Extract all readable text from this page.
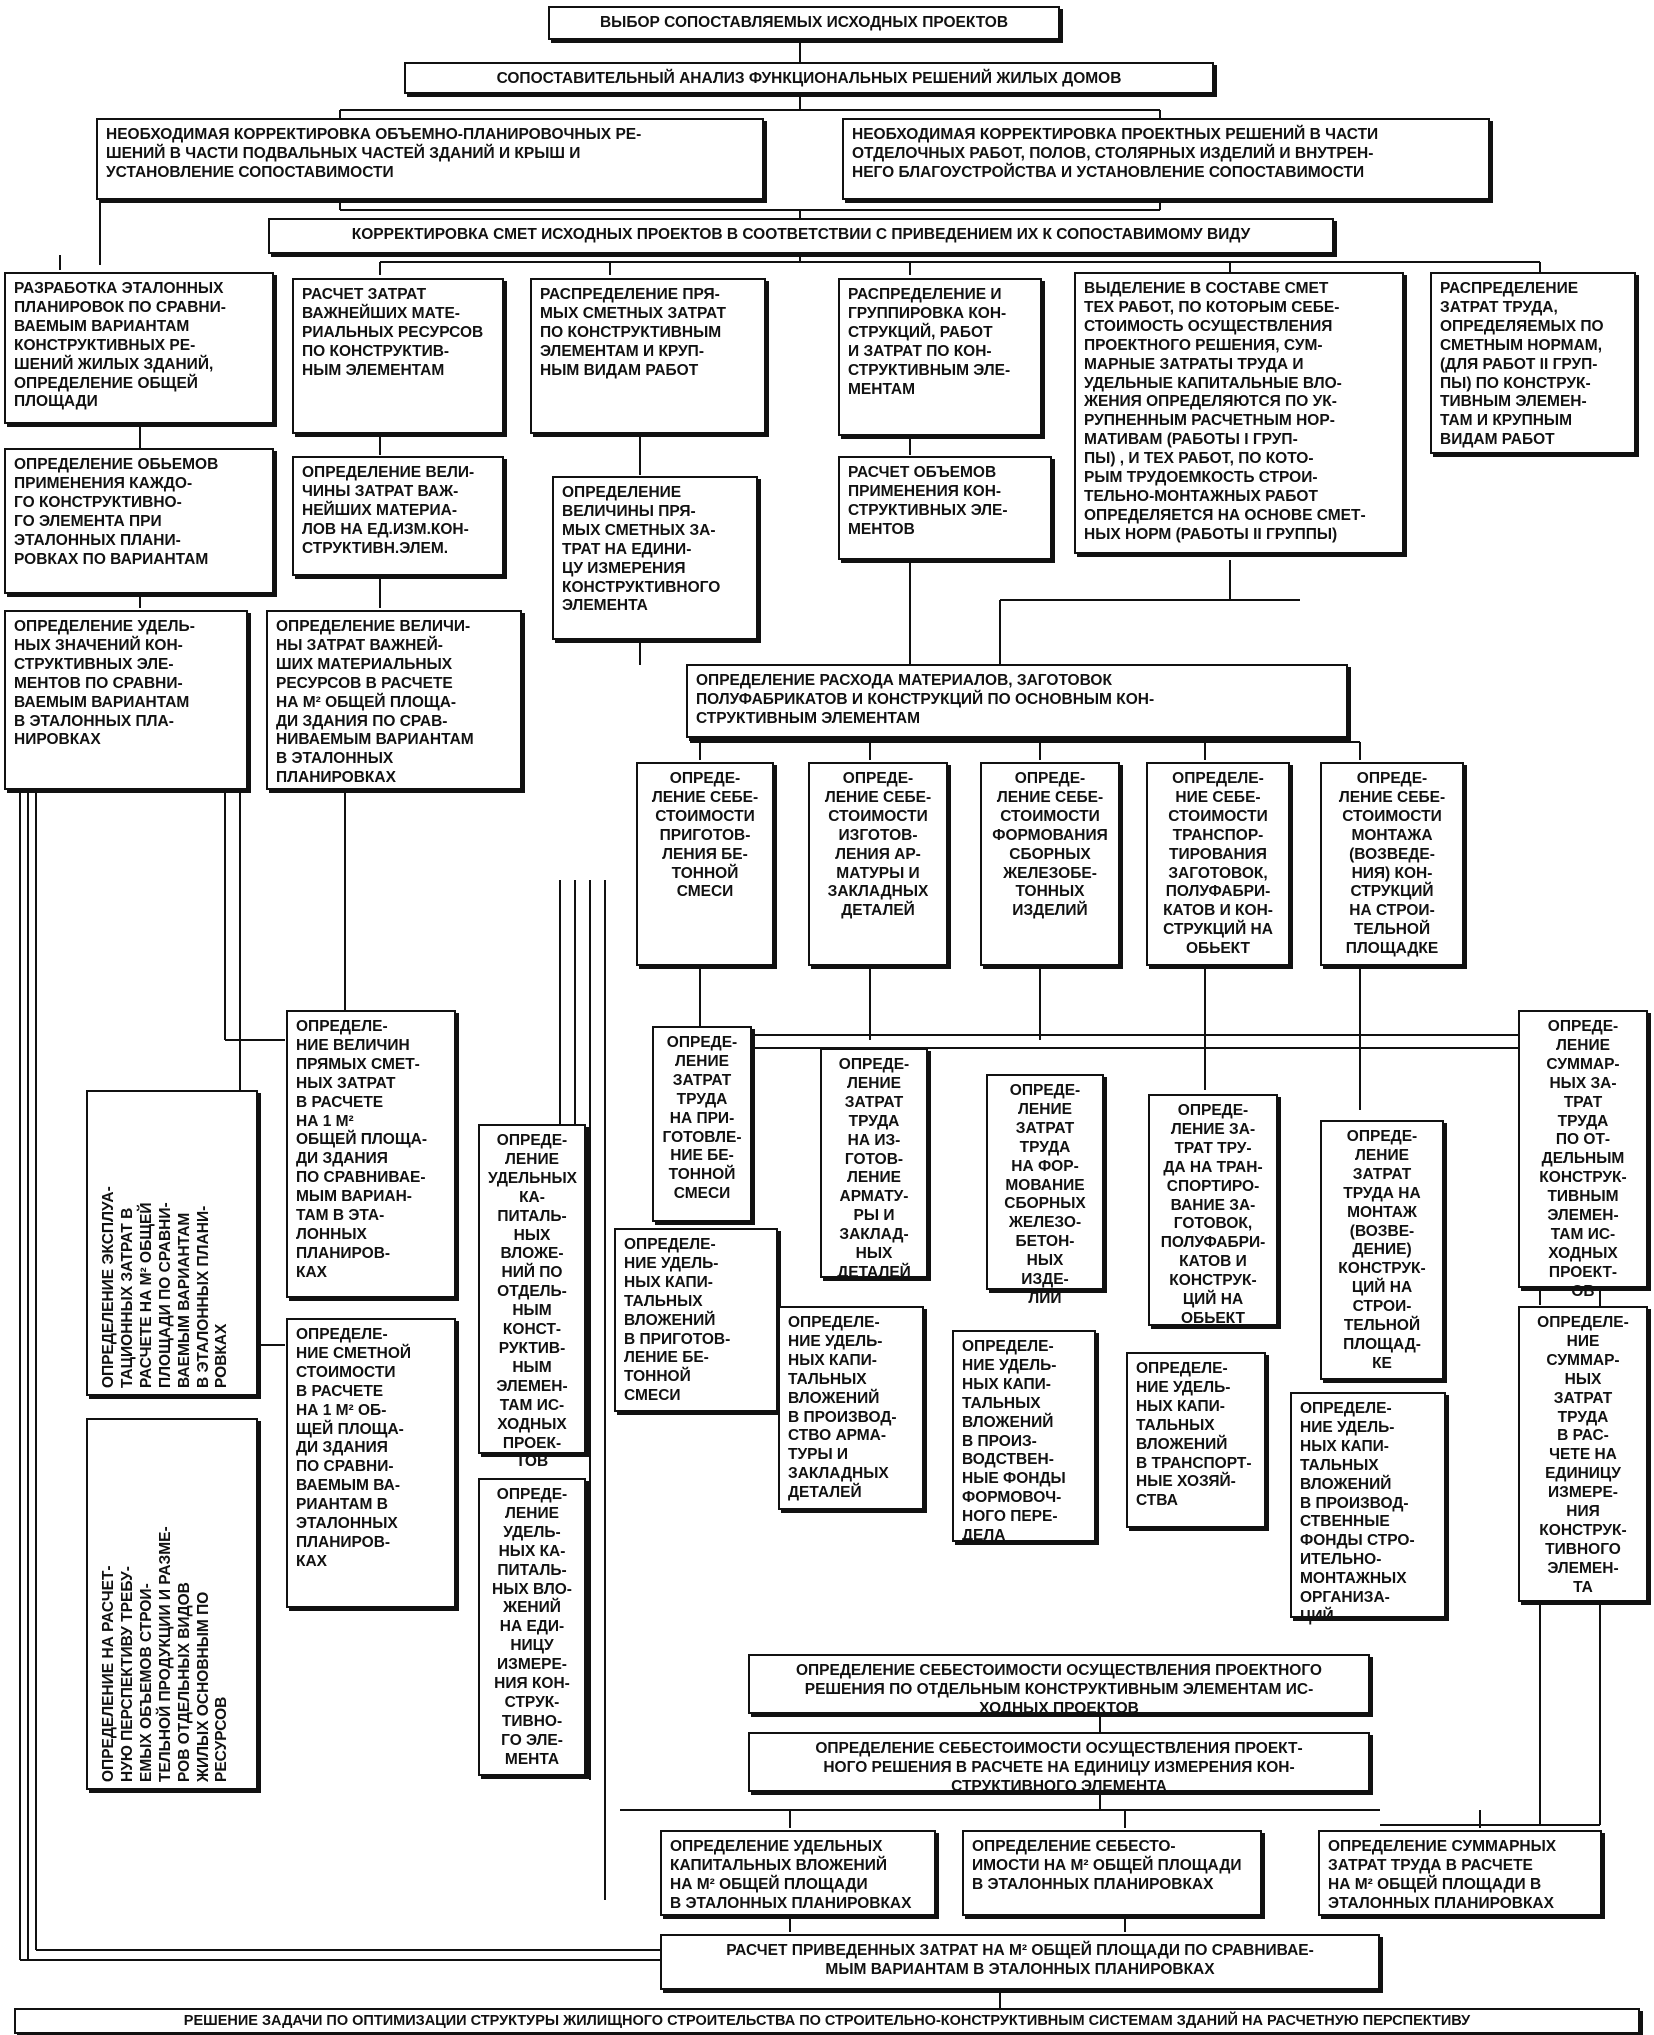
ВЫБОР СОПОСТАВЛЯЕМЫХ ИСХОДНЫХ ПРОЕКТОВ
СОПОСТАВИТЕЛЬНЫЙ АНАЛИЗ ФУНКЦИОНАЛЬНЫХ РЕШЕНИЙ ЖИЛЫХ ДОМОВ
НЕОБХОДИМАЯ КОРРЕКТИРОВКА ОБЪЕМНО-ПЛАНИРОВОЧНЫХ РЕ-
ШЕНИЙ В ЧАСТИ ПОДВАЛЬНЫХ ЧАСТЕЙ ЗДАНИЙ И КРЫШ И
УСТАНОВЛЕНИЕ СОПОСТАВИМОСТИ
НЕОБХОДИМАЯ КОРРЕКТИРОВКА ПРОЕКТНЫХ РЕШЕНИЙ В ЧАСТИ
ОТДЕЛОЧНЫХ РАБОТ, ПОЛОВ, СТОЛЯРНЫХ ИЗДЕЛИЙ И ВНУТРЕН-
НЕГО БЛАГОУСТРОЙСТВА И УСТАНОВЛЕНИЕ СОПОСТАВИМОСТИ
КОРРЕКТИРОВКА СМЕТ ИСХОДНЫХ ПРОЕКТОВ В СООТВЕТСТВИИ С ПРИВЕДЕНИЕМ ИХ К СОПОСТАВИМОМУ ВИДУ
РАЗРАБОТКА ЭТАЛОННЫХ
ПЛАНИРОВОК ПО СРАВНИ-
ВАЕМЫМ ВАРИАНТАМ
КОНСТРУКТИВНЫХ РЕ-
ШЕНИЙ ЖИЛЫХ ЗДАНИЙ,
ОПРЕДЕЛЕНИЕ ОБЩЕЙ
ПЛОЩАДИ
РАСЧЕТ ЗАТРАТ
ВАЖНЕЙШИХ МАТЕ-
РИАЛЬНЫХ РЕСУРСОВ
ПО КОНСТРУКТИВ-
НЫМ ЭЛЕМЕНТАМ
РАСПРЕДЕЛЕНИЕ ПРЯ-
МЫХ СМЕТНЫХ ЗАТРАТ
ПО КОНСТРУКТИВНЫМ
ЭЛЕМЕНТАМ И КРУП-
НЫМ ВИДАМ РАБОТ
РАСПРЕДЕЛЕНИЕ И
ГРУППИРОВКА КОН-
СТРУКЦИЙ, РАБОТ
И ЗАТРАТ ПО КОН-
СТРУКТИВНЫМ ЭЛЕ-
МЕНТАМ
ВЫДЕЛЕНИЕ В СОСТАВЕ СМЕТ
ТЕХ РАБОТ, ПО КОТОРЫМ СЕБЕ-
СТОИМОСТЬ ОСУЩЕСТВЛЕНИЯ
ПРОЕКТНОГО РЕШЕНИЯ, СУМ-
МАРНЫЕ ЗАТРАТЫ ТРУДА И
УДЕЛЬНЫЕ КАПИТАЛЬНЫЕ ВЛО-
ЖЕНИЯ ОПРЕДЕЛЯЮТСЯ ПО УК-
РУПНЕННЫМ РАСЧЕТНЫМ НОР-
МАТИВАМ (РАБОТЫ I ГРУП-
ПЫ) , И ТЕХ РАБОТ, ПО КОТО-
РЫМ ТРУДОЕМКОСТЬ СТРОИ-
ТЕЛЬНО-МОНТАЖНЫХ РАБОТ
ОПРЕДЕЛЯЕТСЯ НА ОСНОВЕ СМЕТ-
НЫХ НОРМ (РАБОТЫ II ГРУППЫ)
РАСПРЕДЕЛЕНИЕ
ЗАТРАТ ТРУДА,
ОПРЕДЕЛЯЕМЫХ ПО
СМЕТНЫМ НОРМАМ,
(ДЛЯ РАБОТ II ГРУП-
ПЫ) ПО КОНСТРУК-
ТИВНЫМ ЭЛЕМЕН-
ТАМ И КРУПНЫМ
ВИДАМ РАБОТ
ОПРЕДЕЛЕНИЕ ОБЬЕМОВ
ПРИМЕНЕНИЯ КАЖДО-
ГО КОНСТРУКТИВНО-
ГО ЭЛЕМЕНТА ПРИ
ЭТАЛОННЫХ ПЛАНИ-
РОВКАХ ПО ВАРИАНТАМ
ОПРЕДЕЛЕНИЕ ВЕЛИ-
ЧИНЫ ЗАТРАТ ВАЖ-
НЕЙШИХ МАТЕРИА-
ЛОВ НА ЕД.ИЗМ.КОН-
СТРУКТИВН.ЭЛЕМ.
ОПРЕДЕЛЕНИЕ
ВЕЛИЧИНЫ ПРЯ-
МЫХ СМЕТНЫХ ЗА-
ТРАТ НА ЕДИНИ-
ЦУ ИЗМЕРЕНИЯ
КОНСТРУКТИВНОГО
ЭЛЕМЕНТА
РАСЧЕТ ОБЪЕМОВ
ПРИМЕНЕНИЯ КОН-
СТРУКТИВНЫХ ЭЛЕ-
МЕНТОВ
ОПРЕДЕЛЕНИЕ УДЕЛЬ-
НЫХ ЗНАЧЕНИЙ КОН-
СТРУКТИВНЫХ ЭЛЕ-
МЕНТОВ ПО СРАВНИ-
ВАЕМЫМ ВАРИАНТАМ
В ЭТАЛОННЫХ ПЛА-
НИРОВКАХ
ОПРЕДЕЛЕНИЕ ВЕЛИЧИ-
НЫ ЗАТРАТ ВАЖНЕЙ-
ШИХ МАТЕРИАЛЬНЫХ
РЕСУРСОВ В РАСЧЕТЕ
НА М² ОБЩЕЙ ПЛОЩА-
ДИ ЗДАНИЯ ПО СРАВ-
НИВАЕМЫМ ВАРИАНТАМ
В ЭТАЛОННЫХ
ПЛАНИРОВКАХ
ОПРЕДЕЛЕНИЕ РАСХОДА МАТЕРИАЛОВ, ЗАГОТОВОК
ПОЛУФАБРИКАТОВ И КОНСТРУКЦИЙ ПО ОСНОВНЫМ КОН-
СТРУКТИВНЫМ ЭЛЕМЕНТАМ
ОПРЕДЕ-
ЛЕНИЕ СЕБЕ-
СТОИМОСТИ
ПРИГОТОВ-
ЛЕНИЯ БЕ-
ТОННОЙ
СМЕСИ
ОПРЕДЕ-
ЛЕНИЕ СЕБЕ-
СТОИМОСТИ
ИЗГОТОВ-
ЛЕНИЯ АР-
МАТУРЫ И
ЗАКЛАДНЫХ
ДЕТАЛЕЙ
ОПРЕДЕ-
ЛЕНИЕ СЕБЕ-
СТОИМОСТИ
ФОРМОВАНИЯ
СБОРНЫХ
ЖЕЛЕЗОБЕ-
ТОННЫХ
ИЗДЕЛИЙ
ОПРЕДЕЛЕ-
НИЕ СЕБЕ-
СТОИМОСТИ
ТРАНСПОР-
ТИРОВАНИЯ
ЗАГОТОВОК,
ПОЛУФАБРИ-
КАТОВ И КОН-
СТРУКЦИЙ НА
ОБЬЕКТ
ОПРЕДЕ-
ЛЕНИЕ СЕБЕ-
СТОИМОСТИ
МОНТАЖА
(ВОЗВЕДЕ-
НИЯ) КОН-
СТРУКЦИЙ
НА СТРОИ-
ТЕЛЬНОЙ
ПЛОЩАДКЕ
ОПРЕДЕ-
ЛЕНИЕ
ЗАТРАТ
ТРУДА
НА ПРИ-
ГОТОВЛЕ-
НИЕ БЕ-
ТОННОЙ
СМЕСИ
ОПРЕДЕ-
ЛЕНИЕ
ЗАТРАТ
ТРУДА
НА ИЗ-
ГОТОВ-
ЛЕНИЕ
АРМАТУ-
РЫ И
ЗАКЛАД-
НЫХ
ДЕТАЛЕЙ
ОПРЕДЕ-
ЛЕНИЕ
ЗАТРАТ
ТРУДА
НА ФОР-
МОВАНИЕ
СБОРНЫХ
ЖЕЛЕЗО-
БЕТОН-
НЫХ
ИЗДЕ-
ЛИЙ
ОПРЕДЕ-
ЛЕНИЕ ЗА-
ТРАТ ТРУ-
ДА НА ТРАН-
СПОРТИРО-
ВАНИЕ ЗА-
ГОТОВОК,
ПОЛУФАБРИ-
КАТОВ И
КОНСТРУК-
ЦИЙ НА
ОБЬЕКТ
ОПРЕДЕ-
ЛЕНИЕ
ЗАТРАТ
ТРУДА НА
МОНТАЖ
(ВОЗВЕ-
ДЕНИЕ)
КОНСТРУК-
ЦИЙ НА
СТРОИ-
ТЕЛЬНОЙ
ПЛОЩАД-
КЕ
ОПРЕДЕ-
ЛЕНИЕ
СУММАР-
НЫХ ЗА-
ТРАТ
ТРУДА
ПО ОТ-
ДЕЛЬНЫМ
КОНСТРУК-
ТИВНЫМ
ЭЛЕМЕН-
ТАМ ИС-
ХОДНЫХ
ПРОЕКТ-
ОВ
ОПРЕДЕЛЕ-
НИЕ
СУММАР-
НЫХ
ЗАТРАТ
ТРУДА
В РАС-
ЧЕТЕ НА
ЕДИНИЦУ
ИЗМЕРЕ-
НИЯ
КОНСТРУК-
ТИВНОГО
ЭЛЕМЕН-
ТА
ОПРЕДЕЛЕ-
НИЕ ВЕЛИЧИН
ПРЯМЫХ СМЕТ-
НЫХ ЗАТРАТ
В РАСЧЕТЕ
НА 1 М²
ОБЩЕЙ ПЛОЩА-
ДИ ЗДАНИЯ
ПО СРАВНИВАЕ-
МЫМ ВАРИАН-
ТАМ В ЭТА-
ЛОННЫХ
ПЛАНИРОВ-
КАХ
ОПРЕДЕЛЕ-
НИЕ СМЕТНОЙ
СТОИМОСТИ
В РАСЧЕТЕ
НА 1 М² ОБ-
ЩЕЙ ПЛОЩА-
ДИ ЗДАНИЯ
ПО СРАВНИ-
ВАЕМЫМ ВА-
РИАНТАМ В
ЭТАЛОННЫХ
ПЛАНИРОВ-
КАХ
ОПРЕДЕ-
ЛЕНИЕ
УДЕЛЬНЫХ
КА-
ПИТАЛЬ-
НЫХ
ВЛОЖЕ-
НИЙ ПО
ОТДЕЛЬ-
НЫМ
КОНСТ-
РУКТИВ-
НЫМ
ЭЛЕМЕН-
ТАМ ИС-
ХОДНЫХ
ПРОЕК-
ТОВ
ОПРЕДЕ-
ЛЕНИЕ
УДЕЛЬ-
НЫХ КА-
ПИТАЛЬ-
НЫХ ВЛО-
ЖЕНИЙ
НА ЕДИ-
НИЦУ
ИЗМЕРЕ-
НИЯ КОН-
СТРУК-
ТИВНО-
ГО ЭЛЕ-
МЕНТА
ОПРЕДЕЛЕ-
НИЕ УДЕЛЬ-
НЫХ КАПИ-
ТАЛЬНЫХ
ВЛОЖЕНИЙ
В ПРИГОТОВ-
ЛЕНИЕ БЕ-
ТОННОЙ
СМЕСИ
ОПРЕДЕЛЕ-
НИЕ УДЕЛЬ-
НЫХ КАПИ-
ТАЛЬНЫХ
ВЛОЖЕНИЙ
В ПРОИЗВОД-
СТВО АРМА-
ТУРЫ И
ЗАКЛАДНЫХ
ДЕТАЛЕЙ
ОПРЕДЕЛЕ-
НИЕ УДЕЛЬ-
НЫХ КАПИ-
ТАЛЬНЫХ
ВЛОЖЕНИЙ
В ПРОИЗ-
ВОДСТВЕН-
НЫЕ ФОНДЫ
ФОРМОВОЧ-
НОГО ПЕРЕ-
ДЕЛА
ОПРЕДЕЛЕ-
НИЕ УДЕЛЬ-
НЫХ КАПИ-
ТАЛЬНЫХ
ВЛОЖЕНИЙ
В ТРАНСПОРТ-
НЫЕ ХОЗЯЙ-
СТВА
ОПРЕДЕЛЕ-
НИЕ УДЕЛЬ-
НЫХ КАПИ-
ТАЛЬНЫХ
ВЛОЖЕНИЙ
В ПРОИЗВОД-
СТВЕННЫЕ
ФОНДЫ СТРО-
ИТЕЛЬНО-
МОНТАЖНЫХ
ОРГАНИЗА-
ЦИЙ
ОПРЕДЕЛЕНИЕ ЭКСПЛУА-
ТАЦИОННЫХ ЗАТРАТ В
РАСЧЕТЕ НА М² ОБЩЕЙ
ПЛОЩАДИ ПО СРАВНИ-
ВАЕМЫМ ВАРИАНТАМ
В ЭТАЛОННЫХ ПЛАНИ-
РОВКАХ
ОПРЕДЕЛЕНИЕ НА РАСЧЕТ-
НУЮ ПЕРСПЕКТИВУ ТРЕБУ-
ЕМЫХ ОБЪЕМОВ СТРОИ-
ТЕЛЬНОЙ ПРОДУКЦИИ И РАЗМЕ-
РОВ ОТДЕЛЬНЫХ ВИДОВ
ЖИЛЫХ ОСНОВНЫМ ПО
РЕСУРСОВ
ОПРЕДЕЛЕНИЕ СЕБЕСТОИМОСТИ ОСУЩЕСТВЛЕНИЯ ПРОЕКТНОГО
РЕШЕНИЯ ПО ОТДЕЛЬНЫМ КОНСТРУКТИВНЫМ ЭЛЕМЕНТАМ ИС-
ХОДНЫХ ПРОЕКТОВ
ОПРЕДЕЛЕНИЕ СЕБЕСТОИМОСТИ ОСУЩЕСТВЛЕНИЯ ПРОЕКТ-
НОГО РЕШЕНИЯ В РАСЧЕТЕ НА ЕДИНИЦУ ИЗМЕРЕНИЯ КОН-
СТРУКТИВНОГО ЭЛЕМЕНТА
ОПРЕДЕЛЕНИЕ УДЕЛЬНЫХ
КАПИТАЛЬНЫХ ВЛОЖЕНИЙ
НА М² ОБЩЕЙ ПЛОЩАДИ
В ЭТАЛОННЫХ ПЛАНИРОВКАХ
ОПРЕДЕЛЕНИЕ СЕБЕСТО-
ИМОСТИ НА М² ОБЩЕЙ ПЛОЩАДИ
В ЭТАЛОННЫХ ПЛАНИРОВКАХ
ОПРЕДЕЛЕНИЕ СУММАРНЫХ
ЗАТРАТ ТРУДА В РАСЧЕТЕ
НА М² ОБЩЕЙ ПЛОЩАДИ В
ЭТАЛОННЫХ ПЛАНИРОВКАХ
РАСЧЕТ ПРИВЕДЕННЫХ ЗАТРАТ НА М² ОБЩЕЙ ПЛОЩАДИ ПО СРАВНИВАЕ-
МЫМ ВАРИАНТАМ В ЭТАЛОННЫХ ПЛАНИРОВКАХ
РЕШЕНИЕ ЗАДАЧИ ПО ОПТИМИЗАЦИИ СТРУКТУРЫ ЖИЛИЩНОГО СТРОИТЕЛЬСТВА ПО СТРОИТЕЛЬНО-КОНСТРУКТИВНЫМ СИСТЕМАМ ЗДАНИЙ НА РАСЧЕТНУЮ ПЕРСПЕКТИВУ
